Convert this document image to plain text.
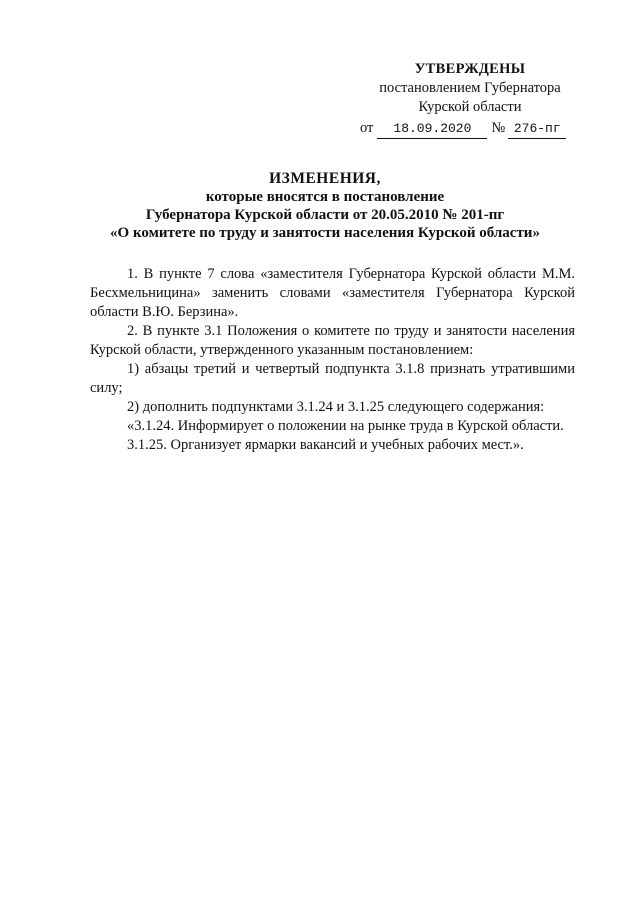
УТВЕРЖДЕНЫ
постановлением Губернатора
Курской области
от	18.09.2020	№ 276-пг
ИЗМЕНЕНИЯ,
которые вносятся в постановление
Губернатора Курской области от 20.05.2010 № 201-пг
«О комитете по труду и занятости населения Курской области»

1. В пункте 7 слова «заместителя Губернатора Курской области М.М. Бесхмельницина» заменить словами «заместителя Губернатора Курской области В.Ю. Берзина».

2. В пункте 3.1 Положения о комитете по труду и занятости населения Курской области, утвержденного указанным постановлением:

1) абзацы третий и четвертый подпункта 3.1.8 признать утратившими силу;

2) дополнить подпунктами 3.1.24 и 3.1.25 следующего содержания:

«3.1.24. Информирует о положении на рынке труда в Курской области.

3.1.25. Организует ярмарки вакансий и учебных рабочих мест.».
